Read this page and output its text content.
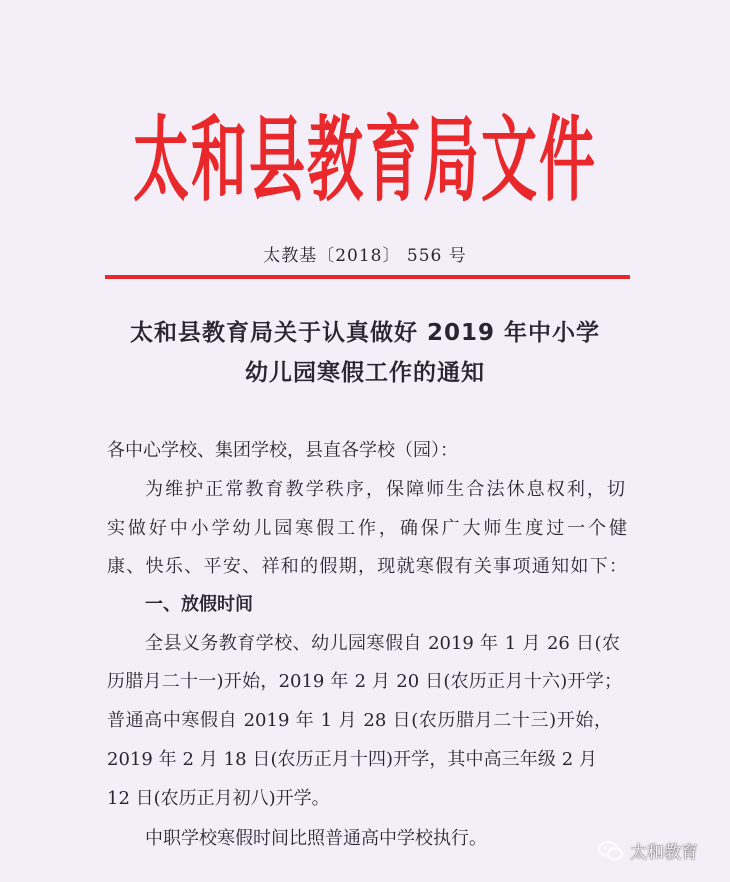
太和县教育局文件
太教基〔2018〕 556 号
太和县教育局关于认真做好 2019 年中小学
幼儿园寒假工作的通知
各中心学校、集团学校，县直各学校（园）：
为维护正常教育教学秩序，保障师生合法休息权利，切
实做好中小学幼儿园寒假工作，确保广大师生度过一个健
康、快乐、平安、祥和的假期，现就寒假有关事项通知如下：
一、放假时间
全县义务教育学校、幼儿园寒假自 2019 年 1 月 26 日(农
历腊月二十一)开始，2019 年 2 月 20 日(农历正月十六)开学；
普通高中寒假自 2019 年 1 月 28 日(农历腊月二十三)开始，
2019 年 2 月 18 日(农历正月十四)开学，其中高三年级 2 月
12 日(农历正月初八)开学。
中职学校寒假时间比照普通高中学校执行。
太和教育
